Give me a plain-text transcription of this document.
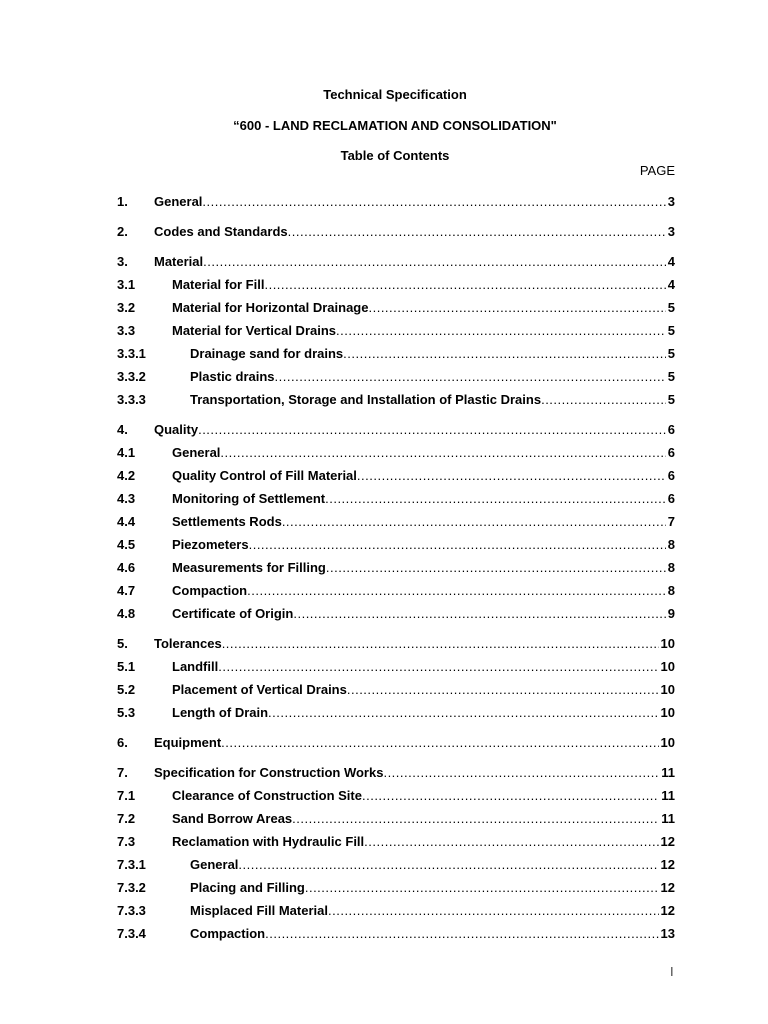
Technical Specification
“600 - LAND RECLAMATION AND CONSOLIDATION"
Table of Contents
PAGE
1. General .....	3
2. Codes and Standards .....	3
3. Material .....	4
3.1	Material for Fill .....	4
3.2	Material for Horizontal Drainage .....	5
3.3	Material for Vertical Drains .....	5
3.3.1	Drainage sand for drains .....	5
3.3.2	Plastic drains .....	5
3.3.3	Transportation, Storage and Installation of Plastic Drains .....	5
4. Quality .....	6
4.1	General .....	6
4.2	Quality Control of Fill Material .....	6
4.3	Monitoring of Settlement .....	6
4.4	Settlements Rods .....	7
4.5	Piezometers .....	8
4.6	Measurements for Filling .....	8
4.7	Compaction .....	8
4.8	Certificate of Origin .....	9
5. Tolerances .....	10
5.1	Landfill .....	10
5.2	Placement of Vertical Drains .....	10
5.3	Length of Drain .....	10
6. Equipment .....	10
7. Specification for Construction Works .....	11
7.1	Clearance of Construction Site .....	11
7.2	Sand Borrow Areas .....	11
7.3	Reclamation with Hydraulic Fill .....	12
7.3.1	General .....	12
7.3.2	Placing and Filling .....	12
7.3.3	Misplaced Fill Material .....	12
7.3.4	Compaction .....	13
I
